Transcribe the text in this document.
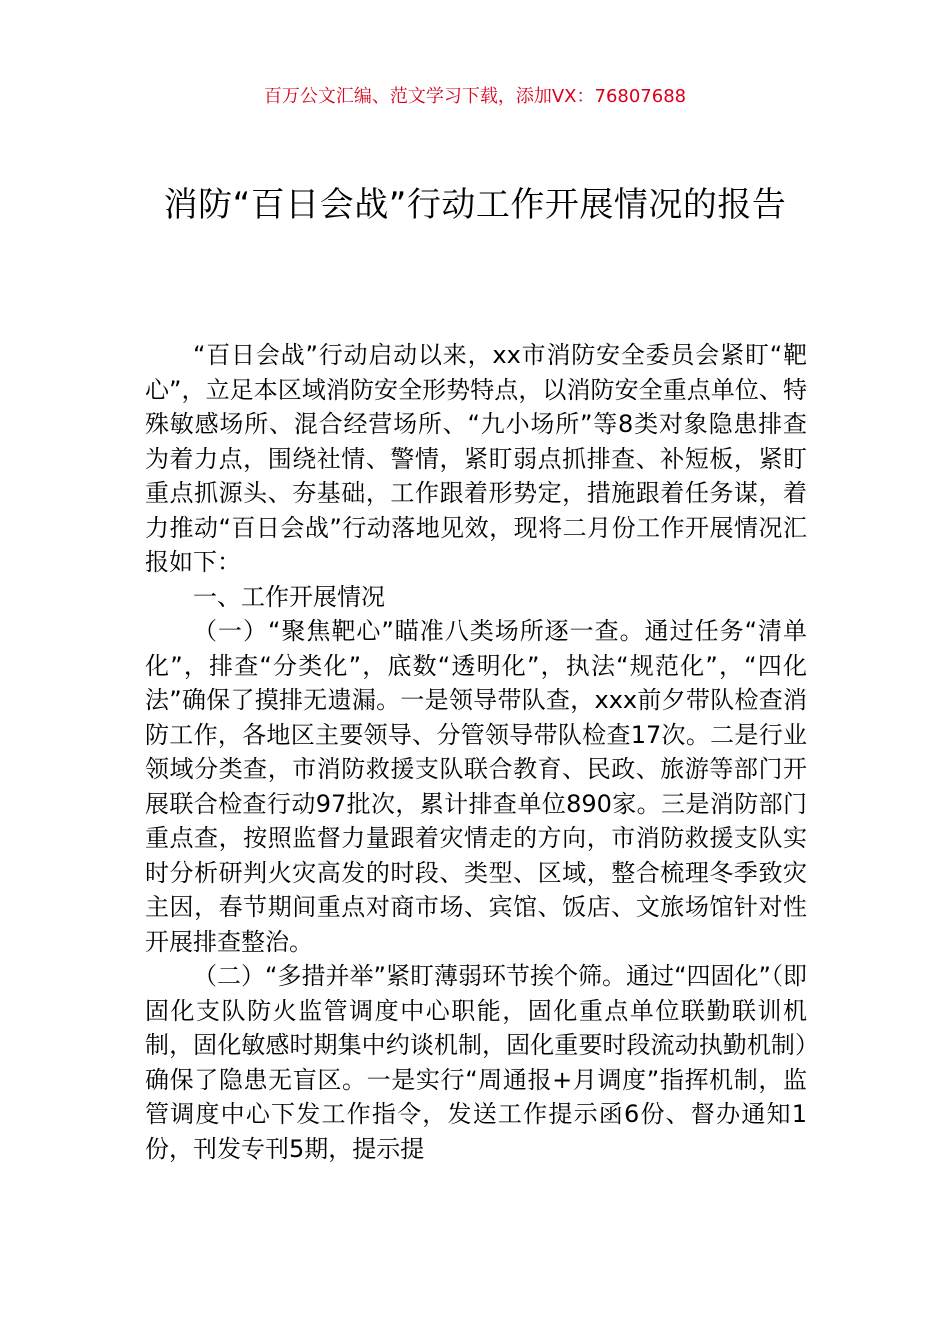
百万公文汇编、范文学习下载，添加VX：76807688
消防“百日会战”行动工作开展情况的报告

“百日会战”行动启动以来，xx市消防安全委员会紧盯“靶心”，立足本区域消防安全形势特点，以消防安全重点单位、特殊敏感场所、混合经营场所、“九小场所”等8类对象隐患排查为着力点，围绕社情、警情，紧盯弱点抓排查、补短板，紧盯重点抓源头、夯基础，工作跟着形势定，措施跟着任务谋，着力推动“百日会战”行动落地见效，现将二月份工作开展情况汇报如下：

一、工作开展情况

（一）“聚焦靶心”瞄准八类场所逐一查。通过任务“清单化”，排查“分类化”，底数“透明化”，执法“规范化”，“四化法”确保了摸排无遗漏。一是领导带队查，xxx前夕带队检查消防工作，各地区主要领导、分管领导带队检查17次。二是行业领域分类查，市消防救援支队联合教育、民政、旅游等部门开展联合检查行动97批次，累计排查单位890家。三是消防部门重点查，按照监督力量跟着灾情走的方向，市消防救援支队实时分析研判火灾高发的时段、类型、区域，整合梳理冬季致灾主因，春节期间重点对商市场、宾馆、饭店、文旅场馆针对性开展排查整治。

（二）“多措并举”紧盯薄弱环节挨个筛。通过“四固化”（即固化支队防火监管调度中心职能，固化重点单位联勤联训机制，固化敏感时期集中约谈机制，固化重要时段流动执勤机制）确保了隐患无盲区。一是实行“周通报+月调度”指挥机制，监管调度中心下发工作指令，发送工作提示函6份、督办通知1份，刊发专刊5期，提示提
